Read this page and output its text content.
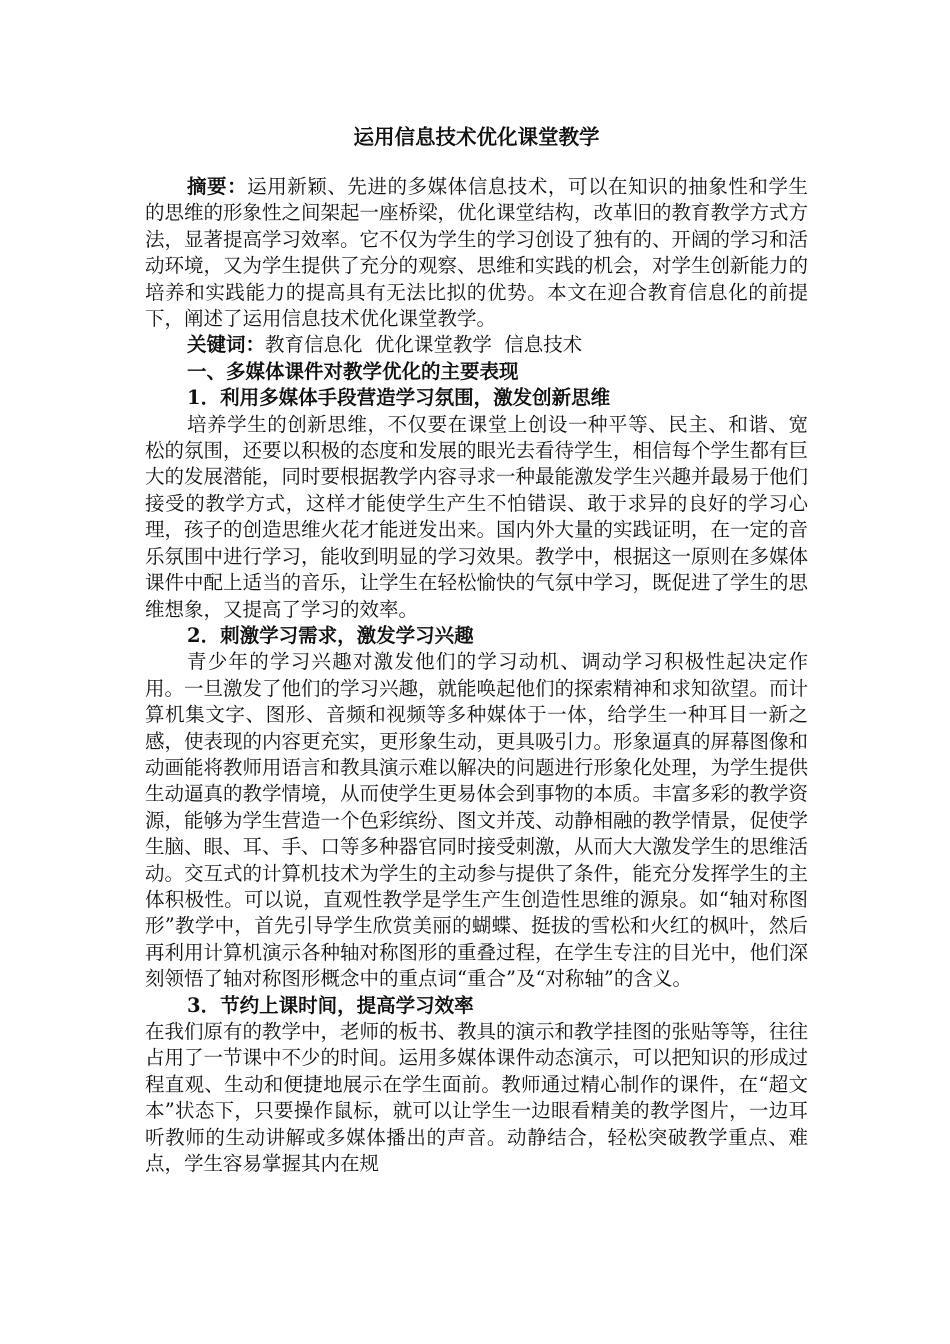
运用信息技术优化课堂教学

摘要：运用新颖、先进的多媒体信息技术，可以在知识的抽象性和学生的思维的形象性之间架起一座桥梁，优化课堂结构，改革旧的教育教学方式方法，显著提高学习效率。它不仅为学生的学习创设了独有的、开阔的学习和活动环境，又为学生提供了充分的观察、思维和实践的机会，对学生创新能力的培养和实践能力的提高具有无法比拟的优势。本文在迎合教育信息化的前提下，阐述了运用信息技术优化课堂教学。

关键词：教育信息化  优化课堂教学  信息技术

一、多媒体课件对教学优化的主要表现

1．利用多媒体手段营造学习氛围，激发创新思维

培养学生的创新思维，不仅要在课堂上创设一种平等、民主、和谐、宽松的氛围，还要以积极的态度和发展的眼光去看待学生，相信每个学生都有巨大的发展潜能，同时要根据教学内容寻求一种最能激发学生兴趣并最易于他们接受的教学方式，这样才能使学生产生不怕错误、敢于求异的良好的学习心理，孩子的创造思维火花才能迸发出来。国内外大量的实践证明，在一定的音乐氛围中进行学习，能收到明显的学习效果。教学中，根据这一原则在多媒体课件中配上适当的音乐，让学生在轻松愉快的气氛中学习，既促进了学生的思维想象，又提高了学习的效率。

2．刺激学习需求，激发学习兴趣

青少年的学习兴趣对激发他们的学习动机、调动学习积极性起决定作用。一旦激发了他们的学习兴趣，就能唤起他们的探索精神和求知欲望。而计算机集文字、图形、音频和视频等多种媒体于一体，给学生一种耳目一新之感，使表现的内容更充实，更形象生动，更具吸引力。形象逼真的屏幕图像和动画能将教师用语言和教具演示难以解决的问题进行形象化处理，为学生提供生动逼真的教学情境，从而使学生更易体会到事物的本质。丰富多彩的教学资源，能够为学生营造一个色彩缤纷、图文并茂、动静相融的教学情景，促使学生脑、眼、耳、手、口等多种器官同时接受刺激，从而大大激发学生的思维活动。交互式的计算机技术为学生的主动参与提供了条件，能充分发挥学生的主体积极性。可以说，直观性教学是学生产生创造性思维的源泉。如“轴对称图形”教学中，首先引导学生欣赏美丽的蝴蝶、挺拔的雪松和火红的枫叶，然后再利用计算机演示各种轴对称图形的重叠过程，在学生专注的目光中，他们深刻领悟了轴对称图形概念中的重点词“重合”及“对称轴”的含义。

3．节约上课时间，提高学习效率

在我们原有的教学中，老师的板书、教具的演示和教学挂图的张贴等等，往往占用了一节课中不少的时间。运用多媒体课件动态演示，可以把知识的形成过程直观、生动和便捷地展示在学生面前。教师通过精心制作的课件，在“超文本”状态下，只要操作鼠标，就可以让学生一边眼看精美的教学图片，一边耳听教师的生动讲解或多媒体播出的声音。动静结合，轻松突破教学重点、难点，学生容易掌握其内在规
